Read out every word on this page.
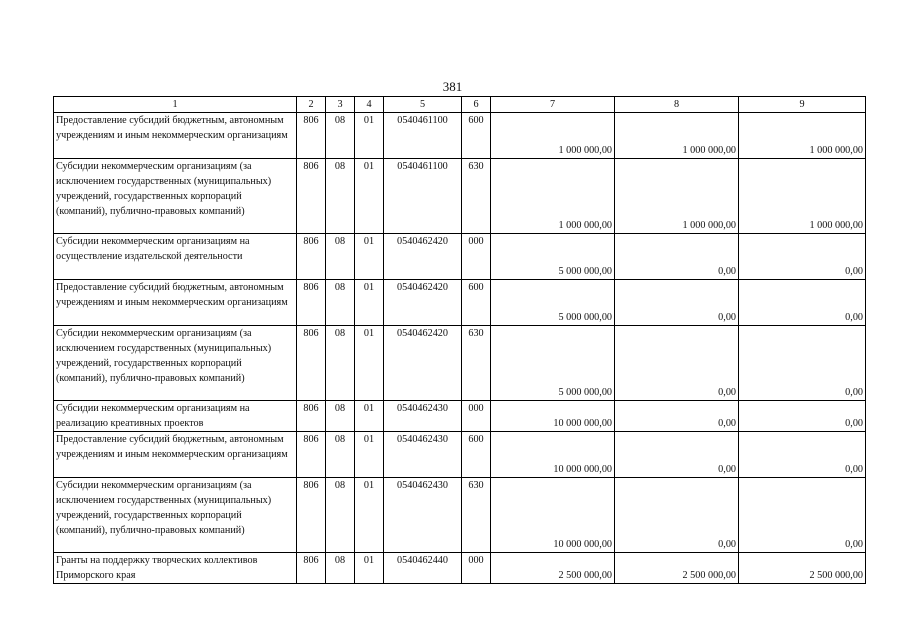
381
1	2	3	4	5	6	7	8	9
Предоставление субсидий бюджетным, автономным учреждениям и иным некоммерческим организациям	806	08	01	0540461100	600	1 000 000,00	1 000 000,00	1 000 000,00
Субсидии некоммерческим организациям (за исключением государственных (муниципальных) учреждений, государственных корпораций (компаний), публично-правовых компаний)	806	08	01	0540461100	630	1 000 000,00	1 000 000,00	1 000 000,00
Субсидии некоммерческим организациям на осуществление издательской деятельности	806	08	01	0540462420	000	5 000 000,00	0,00	0,00
Предоставление субсидий бюджетным, автономным учреждениям и иным некоммерческим организациям	806	08	01	0540462420	600	5 000 000,00	0,00	0,00
Субсидии некоммерческим организациям (за исключением государственных (муниципальных) учреждений, государственных корпораций (компаний), публично-правовых компаний)	806	08	01	0540462420	630	5 000 000,00	0,00	0,00
Субсидии некоммерческим организациям на реализацию креативных проектов	806	08	01	0540462430	000	10 000 000,00	0,00	0,00
Предоставление субсидий бюджетным, автономным учреждениям и иным некоммерческим организациям	806	08	01	0540462430	600	10 000 000,00	0,00	0,00
Субсидии некоммерческим организациям (за исключением государственных (муниципальных) учреждений, государственных корпораций (компаний), публично-правовых компаний)	806	08	01	0540462430	630	10 000 000,00	0,00	0,00
Гранты на поддержку творческих коллективов Приморского края	806	08	01	0540462440	000	2 500 000,00	2 500 000,00	2 500 000,00
